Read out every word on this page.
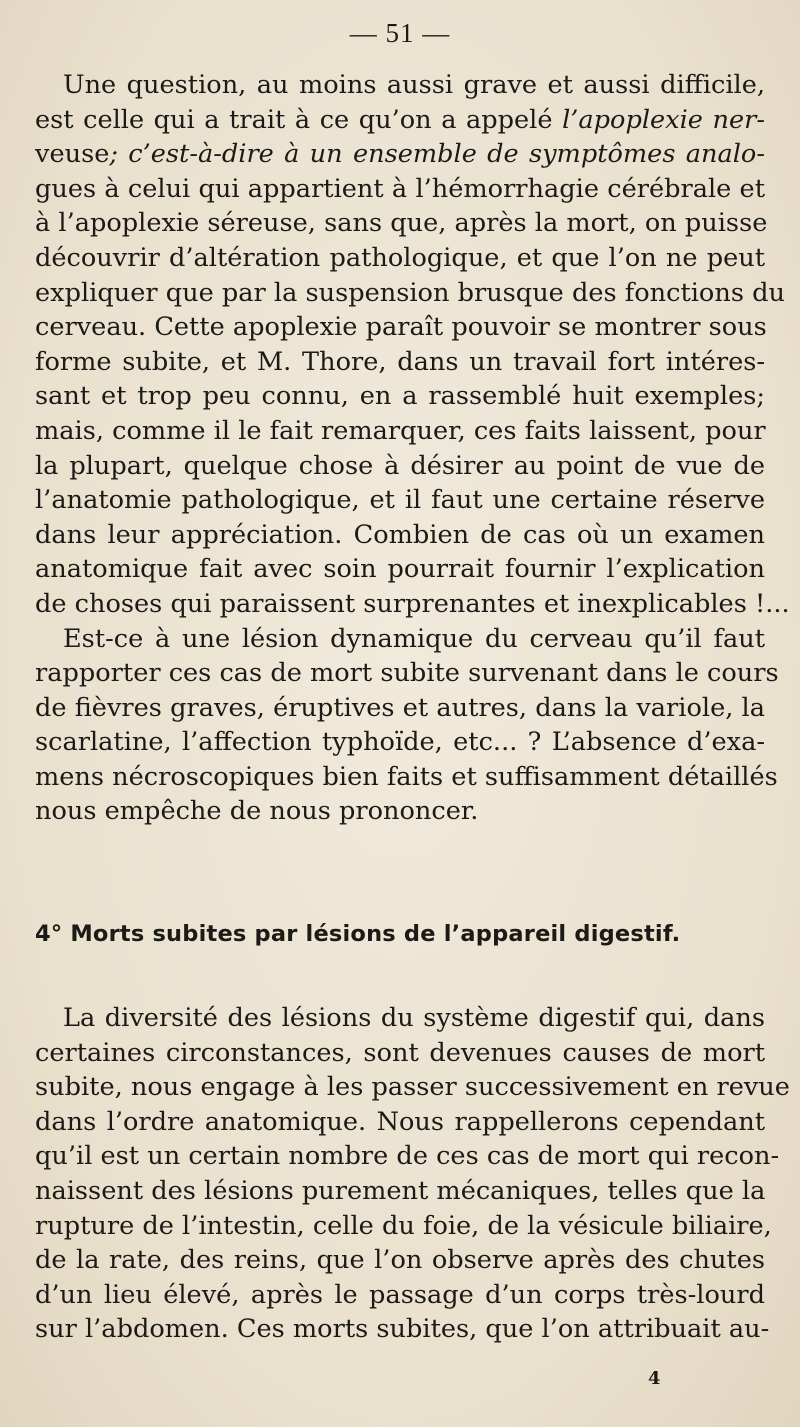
— 51 —
Une question, au moins aussi grave et aussi difficile,
est celle qui a trait à ce qu’on a appelé l’apoplexie ner-
veuse; c’est-à-dire à un ensemble de symptômes analo-
gues à celui qui appartient à l’hémorrhagie cérébrale et
à l’apoplexie séreuse, sans que, après la mort, on puisse
découvrir d’altération pathologique, et que l’on ne peut
expliquer que par la suspension brusque des fonctions du
cerveau. Cette apoplexie paraît pouvoir se montrer sous
forme subite, et M. Thore, dans un travail fort intéres-
sant et trop peu connu, en a rassemblé huit exemples;
mais, comme il le fait remarquer, ces faits laissent, pour
la plupart, quelque chose à désirer au point de vue de
l’anatomie pathologique, et il faut une certaine réserve
dans leur appréciation. Combien de cas où un examen
anatomique fait avec soin pourrait fournir l’explication
de choses qui paraissent surprenantes et inexplicables !...
Est-ce à une lésion dynamique du cerveau qu’il faut
rapporter ces cas de mort subite survenant dans le cours
de fièvres graves, éruptives et autres, dans la variole, la
scarlatine, l’affection typhoïde, etc... ? L’absence d’exa-
mens nécroscopiques bien faits et suffisamment détaillés
nous empêche de nous prononcer.
4° Morts subites par lésions de l’appareil digestif.
La diversité des lésions du système digestif qui, dans
certaines circonstances, sont devenues causes de mort
subite, nous engage à les passer successivement en revue
dans l’ordre anatomique. Nous rappellerons cependant
qu’il est un certain nombre de ces cas de mort qui recon-
naissent des lésions purement mécaniques, telles que la
rupture de l’intestin, celle du foie, de la vésicule biliaire,
de la rate, des reins, que l’on observe après des chutes
d’un lieu élevé, après le passage d’un corps très-lourd
sur l’abdomen. Ces morts subites, que l’on attribuait au-
4
